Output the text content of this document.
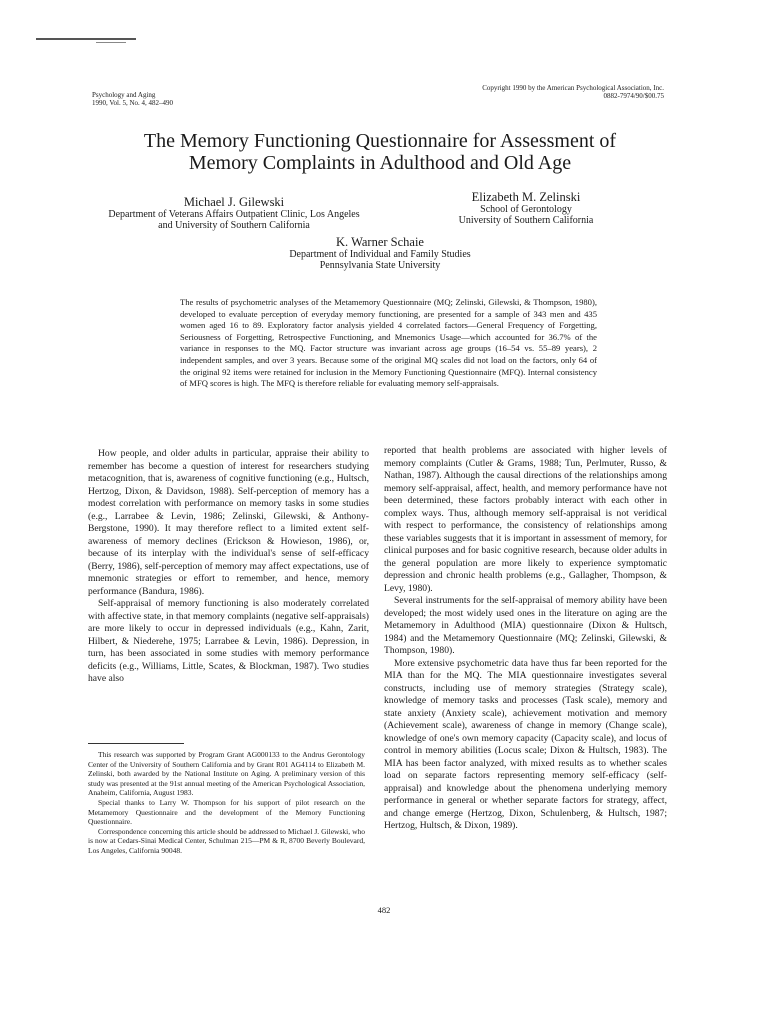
Psychology and Aging
1990, Vol. 5, No. 4, 482–490
Copyright 1990 by the American Psychological Association, Inc.
0882-7974/90/$00.75
The Memory Functioning Questionnaire for Assessment of
Memory Complaints in Adulthood and Old Age
Michael J. Gilewski
Department of Veterans Affairs Outpatient Clinic, Los Angeles
and University of Southern California
Elizabeth M. Zelinski
School of Gerontology
University of Southern California
K. Warner Schaie
Department of Individual and Family Studies
Pennsylvania State University
The results of psychometric analyses of the Metamemory Questionnaire (MQ; Zelinski, Gilewski, & Thompson, 1980), developed to evaluate perception of everyday memory functioning, are presented for a sample of 343 men and 435 women aged 16 to 89. Exploratory factor analysis yielded 4 correlated factors—General Frequency of Forgetting, Seriousness of Forgetting, Retrospective Functioning, and Mnemonics Usage—which accounted for 36.7% of the variance in responses to the MQ. Factor structure was invariant across age groups (16–54 vs. 55–89 years), 2 independent samples, and over 3 years. Because some of the original MQ scales did not load on the factors, only 64 of the original 92 items were retained for inclusion in the Memory Functioning Questionnaire (MFQ). Internal consistency of MFQ scores is high. The MFQ is therefore reliable for evaluating memory self-appraisals.

How people, and older adults in particular, appraise their ability to remember has become a question of interest for researchers studying metacognition, that is, awareness of cognitive functioning (e.g., Hultsch, Hertzog, Dixon, & Davidson, 1988). Self-perception of memory has a modest correlation with performance on memory tasks in some studies (e.g., Larrabee & Levin, 1986; Zelinski, Gilewski, & Anthony-Bergstone, 1990). It may therefore reflect to a limited extent self-awareness of memory declines (Erickson & Howieson, 1986), or, because of its interplay with the individual's sense of self-efficacy (Berry, 1986), self-perception of memory may affect expectations, use of mnemonic strategies or effort to remember, and hence, memory performance (Bandura, 1986).

Self-appraisal of memory functioning is also moderately correlated with affective state, in that memory complaints (negative self-appraisals) are more likely to occur in depressed individuals (e.g., Kahn, Zarit, Hilbert, & Niederehe, 1975; Larrabee & Levin, 1986). Depression, in turn, has been associated in some studies with memory performance deficits (e.g., Williams, Little, Scates, & Blockman, 1987). Two studies have also

This research was supported by Program Grant AG000133 to the Andrus Gerontology Center of the University of Southern California and by Grant R01 AG4114 to Elizabeth M. Zelinski, both awarded by the National Institute on Aging. A preliminary version of this study was presented at the 91st annual meeting of the American Psychological Association, Anaheim, California, August 1983.

Special thanks to Larry W. Thompson for his support of pilot research on the Metamemory Questionnaire and the development of the Memory Functioning Questionnaire.

Correspondence concerning this article should be addressed to Michael J. Gilewski, who is now at Cedars-Sinai Medical Center, Schulman 215—PM & R, 8700 Beverly Boulevard, Los Angeles, California 90048.

reported that health problems are associated with higher levels of memory complaints (Cutler & Grams, 1988; Tun, Perlmuter, Russo, & Nathan, 1987). Although the causal directions of the relationships among memory self-appraisal, affect, health, and memory performance have not been determined, these factors probably interact with each other in complex ways. Thus, although memory self-appraisal is not veridical with respect to performance, the consistency of relationships among these variables suggests that it is important in assessment of memory, for clinical purposes and for basic cognitive research, because older adults in the general population are more likely to experience symptomatic depression and chronic health problems (e.g., Gallagher, Thompson, & Levy, 1980).

Several instruments for the self-appraisal of memory ability have been developed; the most widely used ones in the literature on aging are the Metamemory in Adulthood (MIA) questionnaire (Dixon & Hultsch, 1984) and the Metamemory Questionnaire (MQ; Zelinski, Gilewski, & Thompson, 1980).

More extensive psychometric data have thus far been reported for the MIA than for the MQ. The MIA questionnaire investigates several constructs, including use of memory strategies (Strategy scale), knowledge of memory tasks and processes (Task scale), memory and state anxiety (Anxiety scale), achievement motivation and memory (Achievement scale), awareness of change in memory (Change scale), knowledge of one's own memory capacity (Capacity scale), and locus of control in memory abilities (Locus scale; Dixon & Hultsch, 1983). The MIA has been factor analyzed, with mixed results as to whether scales load on separate factors representing memory self-efficacy (self-appraisal) and knowledge about the phenomena underlying memory performance in general or whether separate factors for strategy, affect, and change emerge (Hertzog, Dixon, Schulenberg, & Hultsch, 1987; Hertzog, Hultsch, & Dixon, 1989).

482
